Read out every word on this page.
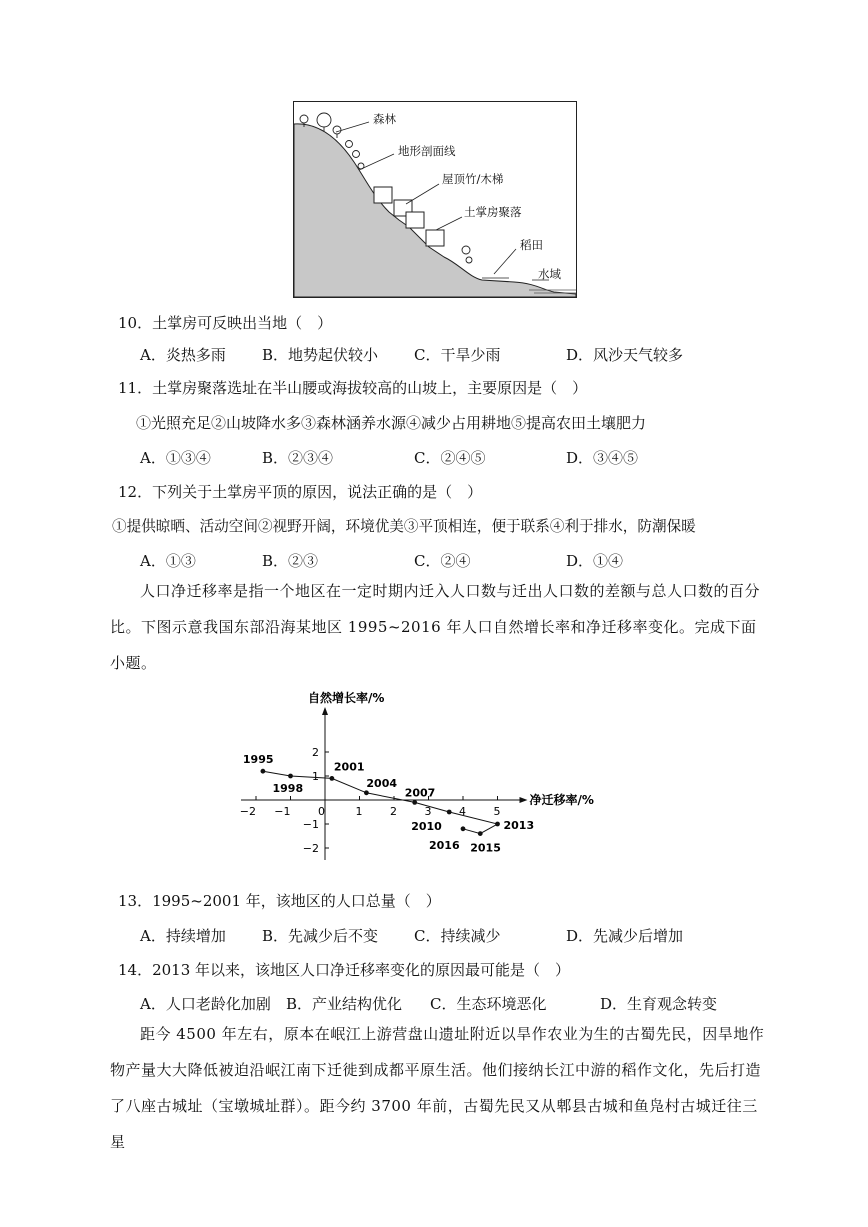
森林
地形剖面线
屋顶竹/木梯
土掌房聚落
稻田
水域
10．土掌房可反映出当地（　）
A．炎热多雨 B．地势起伏较小 C．干旱少雨	D．风沙天气较多
11．土掌房聚落选址在半山腰或海拔较高的山坡上，主要原因是（　）
①光照充足②山坡降水多③森林涵养水源④减少占用耕地⑤提高农田土壤肥力
A．①③④	B．②③④	C．②④⑤	D．③④⑤
12．下列关于土掌房平顶的原因，说法正确的是（　）
①提供晾晒、活动空间②视野开阔，环境优美③平顶相连，便于联系④利于排水，防潮保暖
A．①③	B．②③	C．②④	D．①④
人口净迁移率是指一个地区在一定时期内迁入人口数与迁出人口数的差额与总人口数的百分比。下图示意我国东部沿海某地区 1995~2016 年人口自然增长率和净迁移率变化。完成下面小题。
自然增长率/%
净迁移率/%
−2 −1	0	1	2	3	4	5
2
1
−1
−2
1995
1998
2001
2004
2007
2010	2013
2015
2016
13．1995~2001 年，该地区的人口总量（　）
A．持续增加 B．先减少后不变 C．持续减少	D．先减少后增加
14．2013 年以来，该地区人口净迁移率变化的原因最可能是（　）
A．人口老龄化加剧 B．产业结构优化 C．生态环境恶化	D．生育观念转变
距今 4500 年左右，原本在岷江上游营盘山遗址附近以旱作农业为生的古蜀先民，因旱地作物产量大大降低被迫沿岷江南下迁徙到成都平原生活。他们接纳长江中游的稻作文化，先后打造了八座古城址（宝墩城址群）。距今约 3700 年前，古蜀先民又从郫县古城和鱼凫村古城迁往三星
